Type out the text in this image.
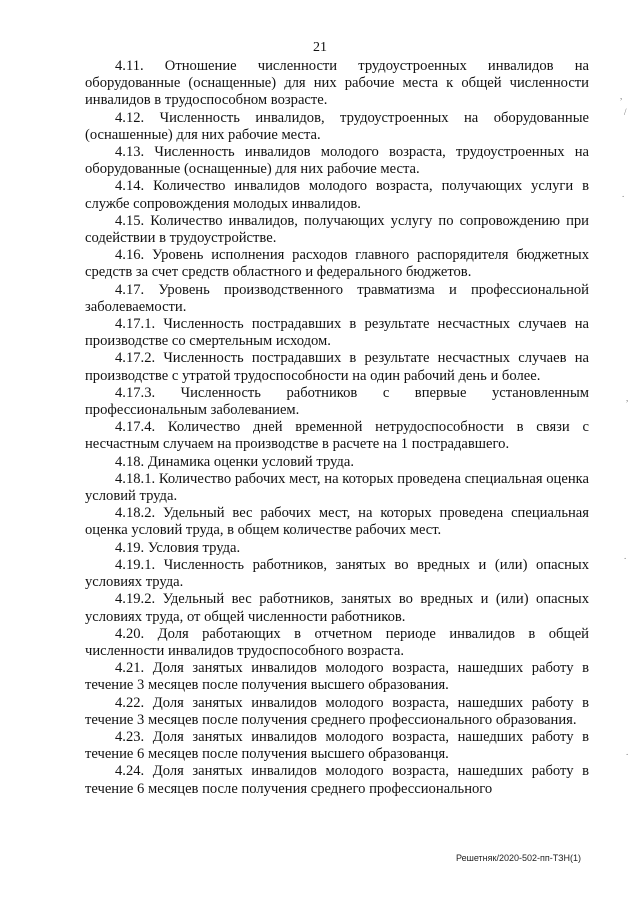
21

4.11. Отношение численности трудоустроенных инвалидов на оборудованные (оснащенные) для них рабочие места к общей численности инвалидов в трудоспособном возрасте.

4.12. Численность инвалидов, трудоустроенных на оборудованные (оснашенные) для них рабочие места.

4.13. Численность инвалидов молодого возраста, трудоустроенных на оборудованные (оснащенные) для них рабочие места.

4.14. Количество инвалидов молодого возраста, получающих услуги в службе сопровождения молодых инвалидов.

4.15. Количество инвалидов, получающих услугу по сопровождению при содействии в трудоустройстве.

4.16. Уровень исполнения расходов главного распорядителя бюджетных средств за счет средств областного и федерального бюджетов.

4.17. Уровень производственного травматизма и профессиональной заболеваемости.

4.17.1. Численность пострадавших в результате несчастных случаев на производстве со смертельным исходом.

4.17.2. Численность пострадавших в результате несчастных случаев на производстве с утратой трудоспособности на один рабочий день и более.

4.17.3. Численность работников с впервые установленным профессиональным заболеванием.

4.17.4. Количество дней временной нетрудоспособности в связи с несчастным случаем на производстве в расчете на 1 пострадавшего.

4.18. Динамика оценки условий труда.

4.18.1. Количество рабочих мест, на которых проведена специальная оценка условий труда.

4.18.2. Удельный вес рабочих мест, на которых проведена специальная оценка условий труда, в общем количестве рабочих мест.

4.19. Условия труда.

4.19.1. Численность работников, занятых во вредных и (или) опасных условиях труда.

4.19.2. Удельный вес работников, занятых во вредных и (или) опасных условиях труда, от общей численности работников.

4.20. Доля работающих в отчетном периоде инвалидов в общей численности инвалидов трудоспособного возраста.

4.21. Доля занятых инвалидов молодого возраста, нашедших работу в течение 3 месяцев после получения высшего образования.

4.22. Доля занятых инвалидов молодого возраста, нашедших работу в течение 3 месяцев после получения среднего профессионального образования.

4.23. Доля занятых инвалидов молодого возраста, нашедших работу в течение 6 месяцев после получения высшего образованця.

4.24. Доля занятых инвалидов молодого возраста, нашедших работу в течение 6 месяцев после получения среднего профессионального

Решетняк/2020-502-пп-ТЗН(1)
,
/
.
,
.
.
